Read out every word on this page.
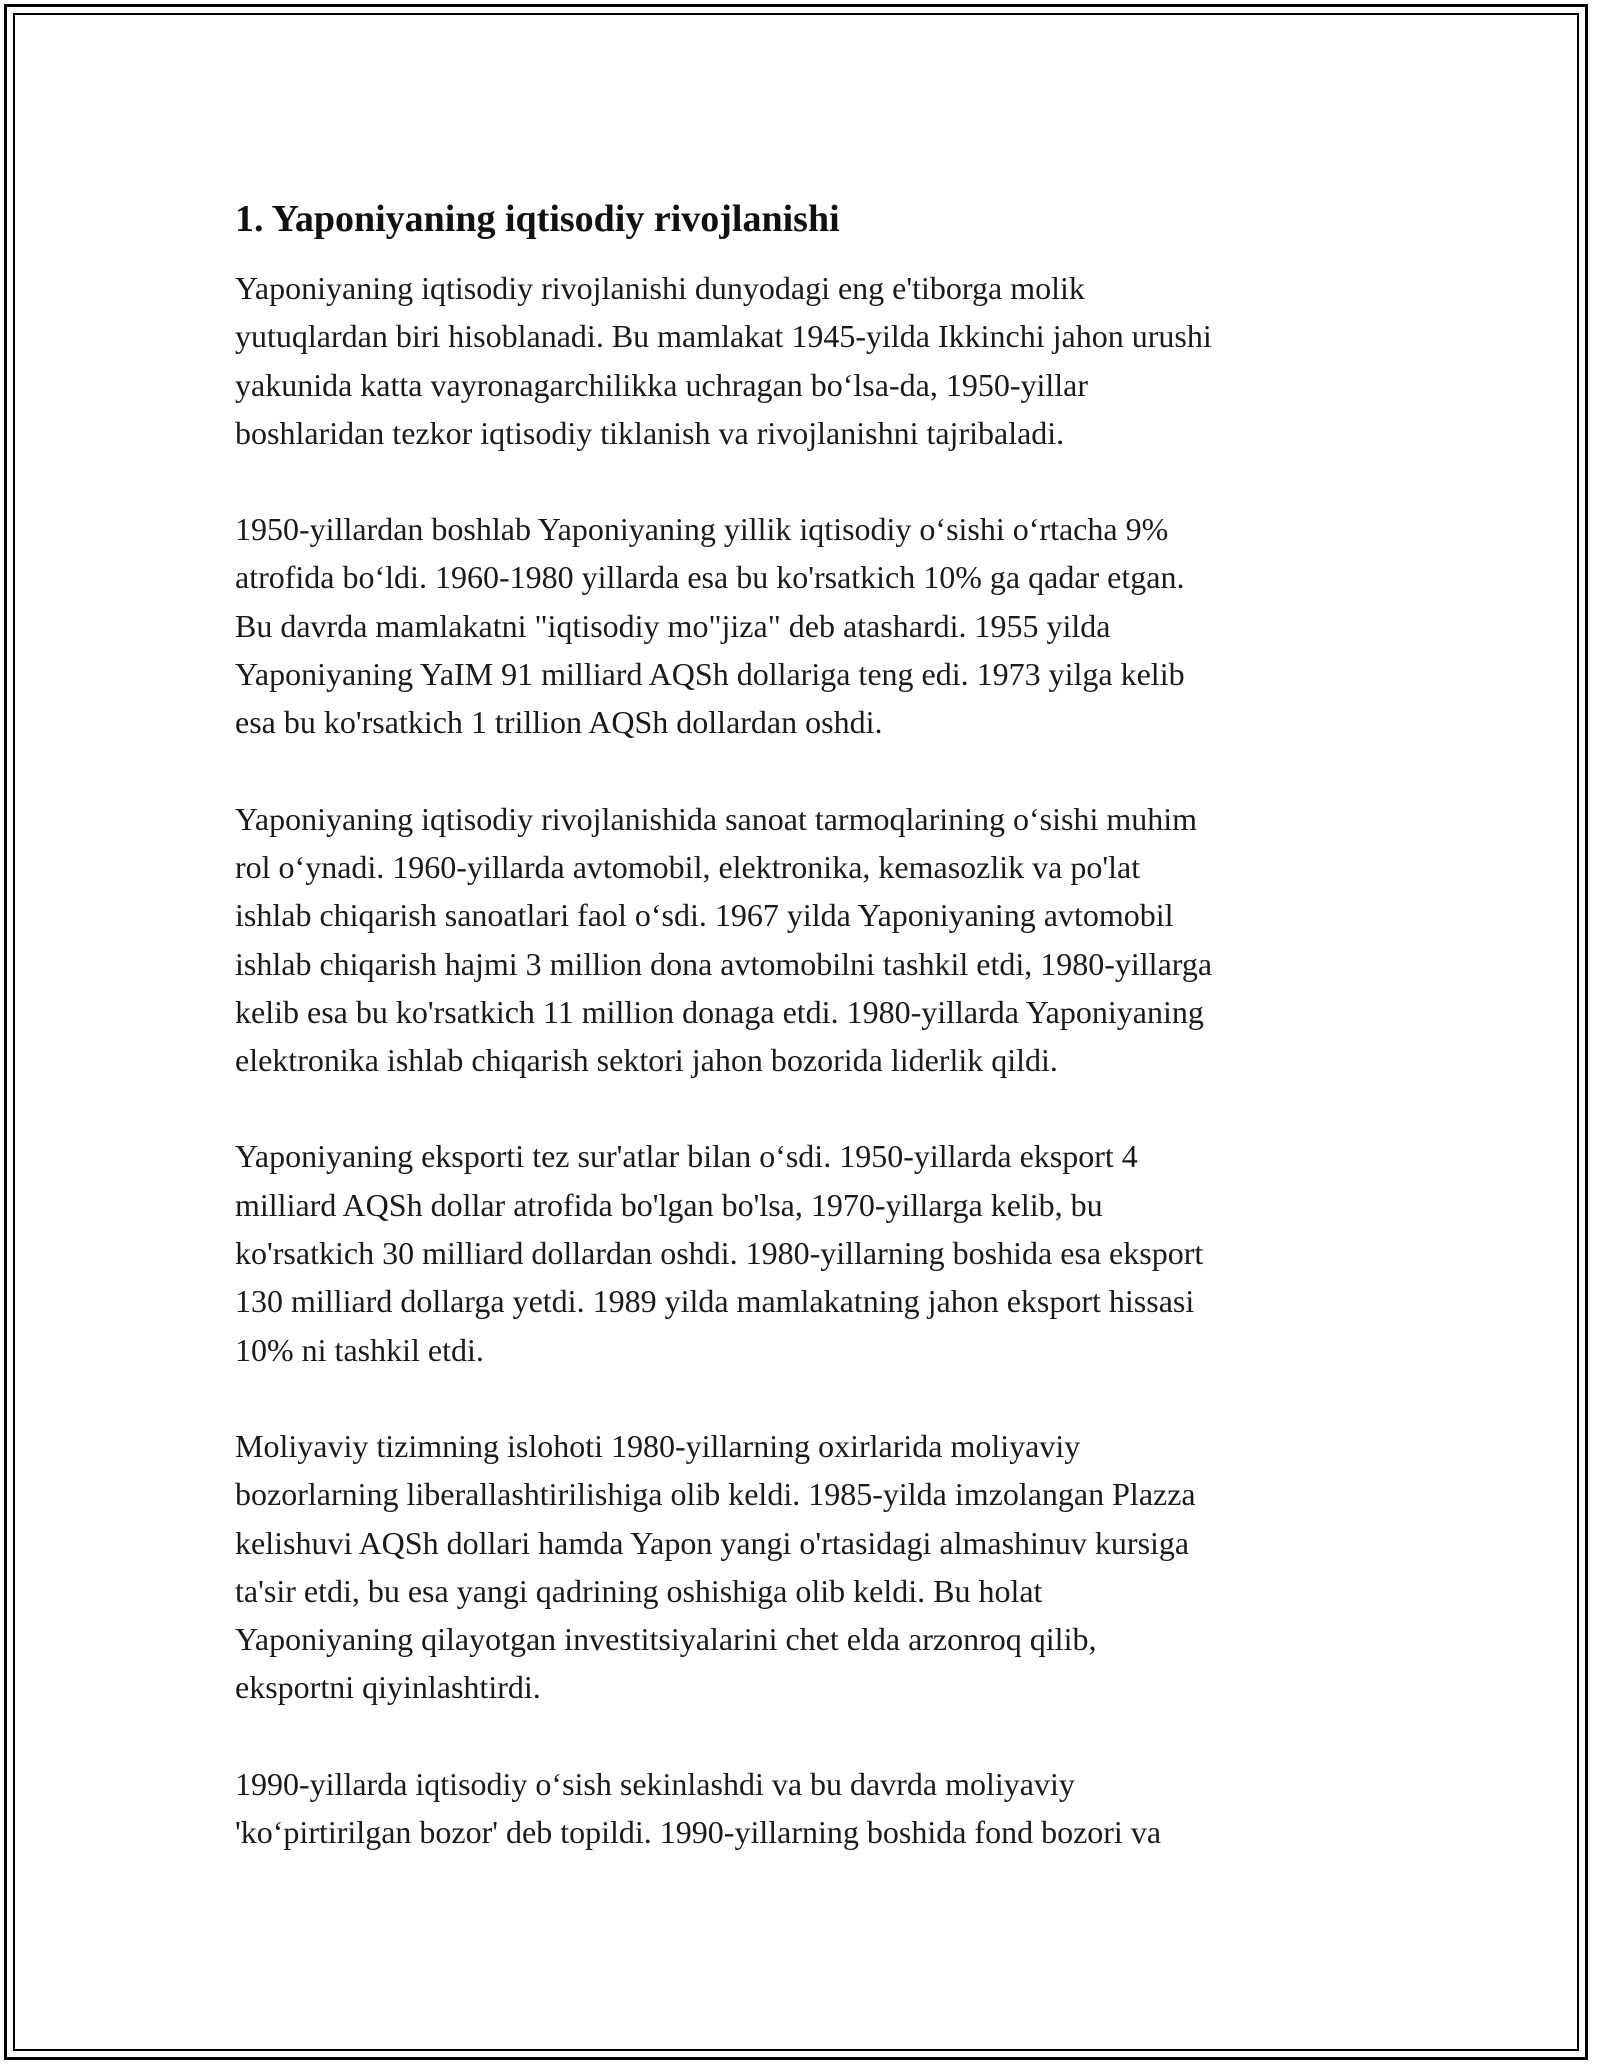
1. Yaponiyaning iqtisodiy rivojlanishi

Yaponiyaning iqtisodiy rivojlanishi dunyodagi eng e'tiborga molik
yutuqlardan biri hisoblanadi. Bu mamlakat 1945-yilda Ikkinchi jahon urushi
yakunida katta vayronagarchilikka uchragan boʻlsa-da, 1950-yillar
boshlaridan tezkor iqtisodiy tiklanish va rivojlanishni tajribaladi.

1950-yillardan boshlab Yaponiyaning yillik iqtisodiy oʻsishi oʻrtacha 9%
atrofida boʻldi. 1960-1980 yillarda esa bu ko'rsatkich 10% ga qadar etgan.
Bu davrda mamlakatni "iqtisodiy mo"jiza" deb atashardi. 1955 yilda
Yaponiyaning YaIM 91 milliard AQSh dollariga teng edi. 1973 yilga kelib
esa bu ko'rsatkich 1 trillion AQSh dollardan oshdi.

Yaponiyaning iqtisodiy rivojlanishida sanoat tarmoqlarining oʻsishi muhim
rol oʻynadi. 1960-yillarda avtomobil, elektronika, kemasozlik va po'lat
ishlab chiqarish sanoatlari faol oʻsdi. 1967 yilda Yaponiyaning avtomobil
ishlab chiqarish hajmi 3 million dona avtomobilni tashkil etdi, 1980-yillarga
kelib esa bu ko'rsatkich 11 million donaga etdi. 1980-yillarda Yaponiyaning
elektronika ishlab chiqarish sektori jahon bozorida liderlik qildi.

Yaponiyaning eksporti tez sur'atlar bilan oʻsdi. 1950-yillarda eksport 4
milliard AQSh dollar atrofida bo'lgan bo'lsa, 1970-yillarga kelib, bu
ko'rsatkich 30 milliard dollardan oshdi. 1980-yillarning boshida esa eksport
130 milliard dollarga yetdi. 1989 yilda mamlakatning jahon eksport hissasi
10% ni tashkil etdi.

Moliyaviy tizimning islohoti 1980-yillarning oxirlarida moliyaviy
bozorlarning liberallashtirilishiga olib keldi. 1985-yilda imzolangan Plazza
kelishuvi AQSh dollari hamda Yapon yangi o'rtasidagi almashinuv kursiga
ta'sir etdi, bu esa yangi qadrining oshishiga olib keldi. Bu holat
Yaponiyaning qilayotgan investitsiyalarini chet elda arzonroq qilib,
eksportni qiyinlashtirdi.

1990-yillarda iqtisodiy oʻsish sekinlashdi va bu davrda moliyaviy
'koʻpirtirilgan bozor' deb topildi. 1990-yillarning boshida fond bozori va
